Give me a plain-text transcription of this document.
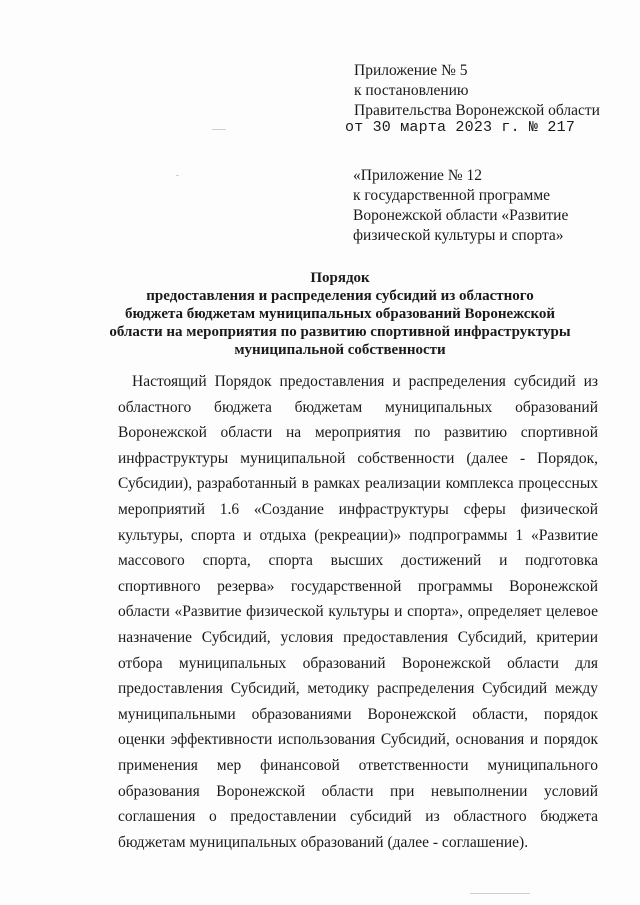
Приложение № 5
к постановлению
Правительства Воронежской области
от 30 марта 2023 г. № 217
«Приложение № 12
к государственной программе
Воронежской области «Развитие
физической культуры и спорта»
Порядок
предоставления и распределения субсидий из областного
бюджета бюджетам муниципальных образований Воронежской
области на мероприятия по развитию спортивной инфраструктуры
муниципальной собственности
Настоящий Порядок предоставления и распределения субсидий из областного бюджета бюджетам муниципальных образований Воронежской области на мероприятия по развитию спортивной инфраструктуры муниципальной собственности (далее - Порядок, Субсидии), разработанный в рамках реализации комплекса процессных мероприятий 1.6 «Создание инфраструктуры сферы физической культуры, спорта и отдыха (рекреации)» подпрограммы 1 «Развитие массового спорта, спорта высших достижений и подготовка спортивного резерва» государственной программы Воронежской области «Развитие физической культуры и спорта», определяет целевое назначение Субсидий, условия предоставления Субсидий, критерии отбора муниципальных образований Воронежской области для предоставления Субсидий, методику распределения Субсидий между муниципальными образованиями Воронежской области, порядок оценки эффективности использования Субсидий, основания и порядок применения мер финансовой ответственности муниципального образования Воронежской области при невыполнении условий соглашения о предоставлении субсидий из областного бюджета бюджетам муниципальных образований (далее - соглашение).
